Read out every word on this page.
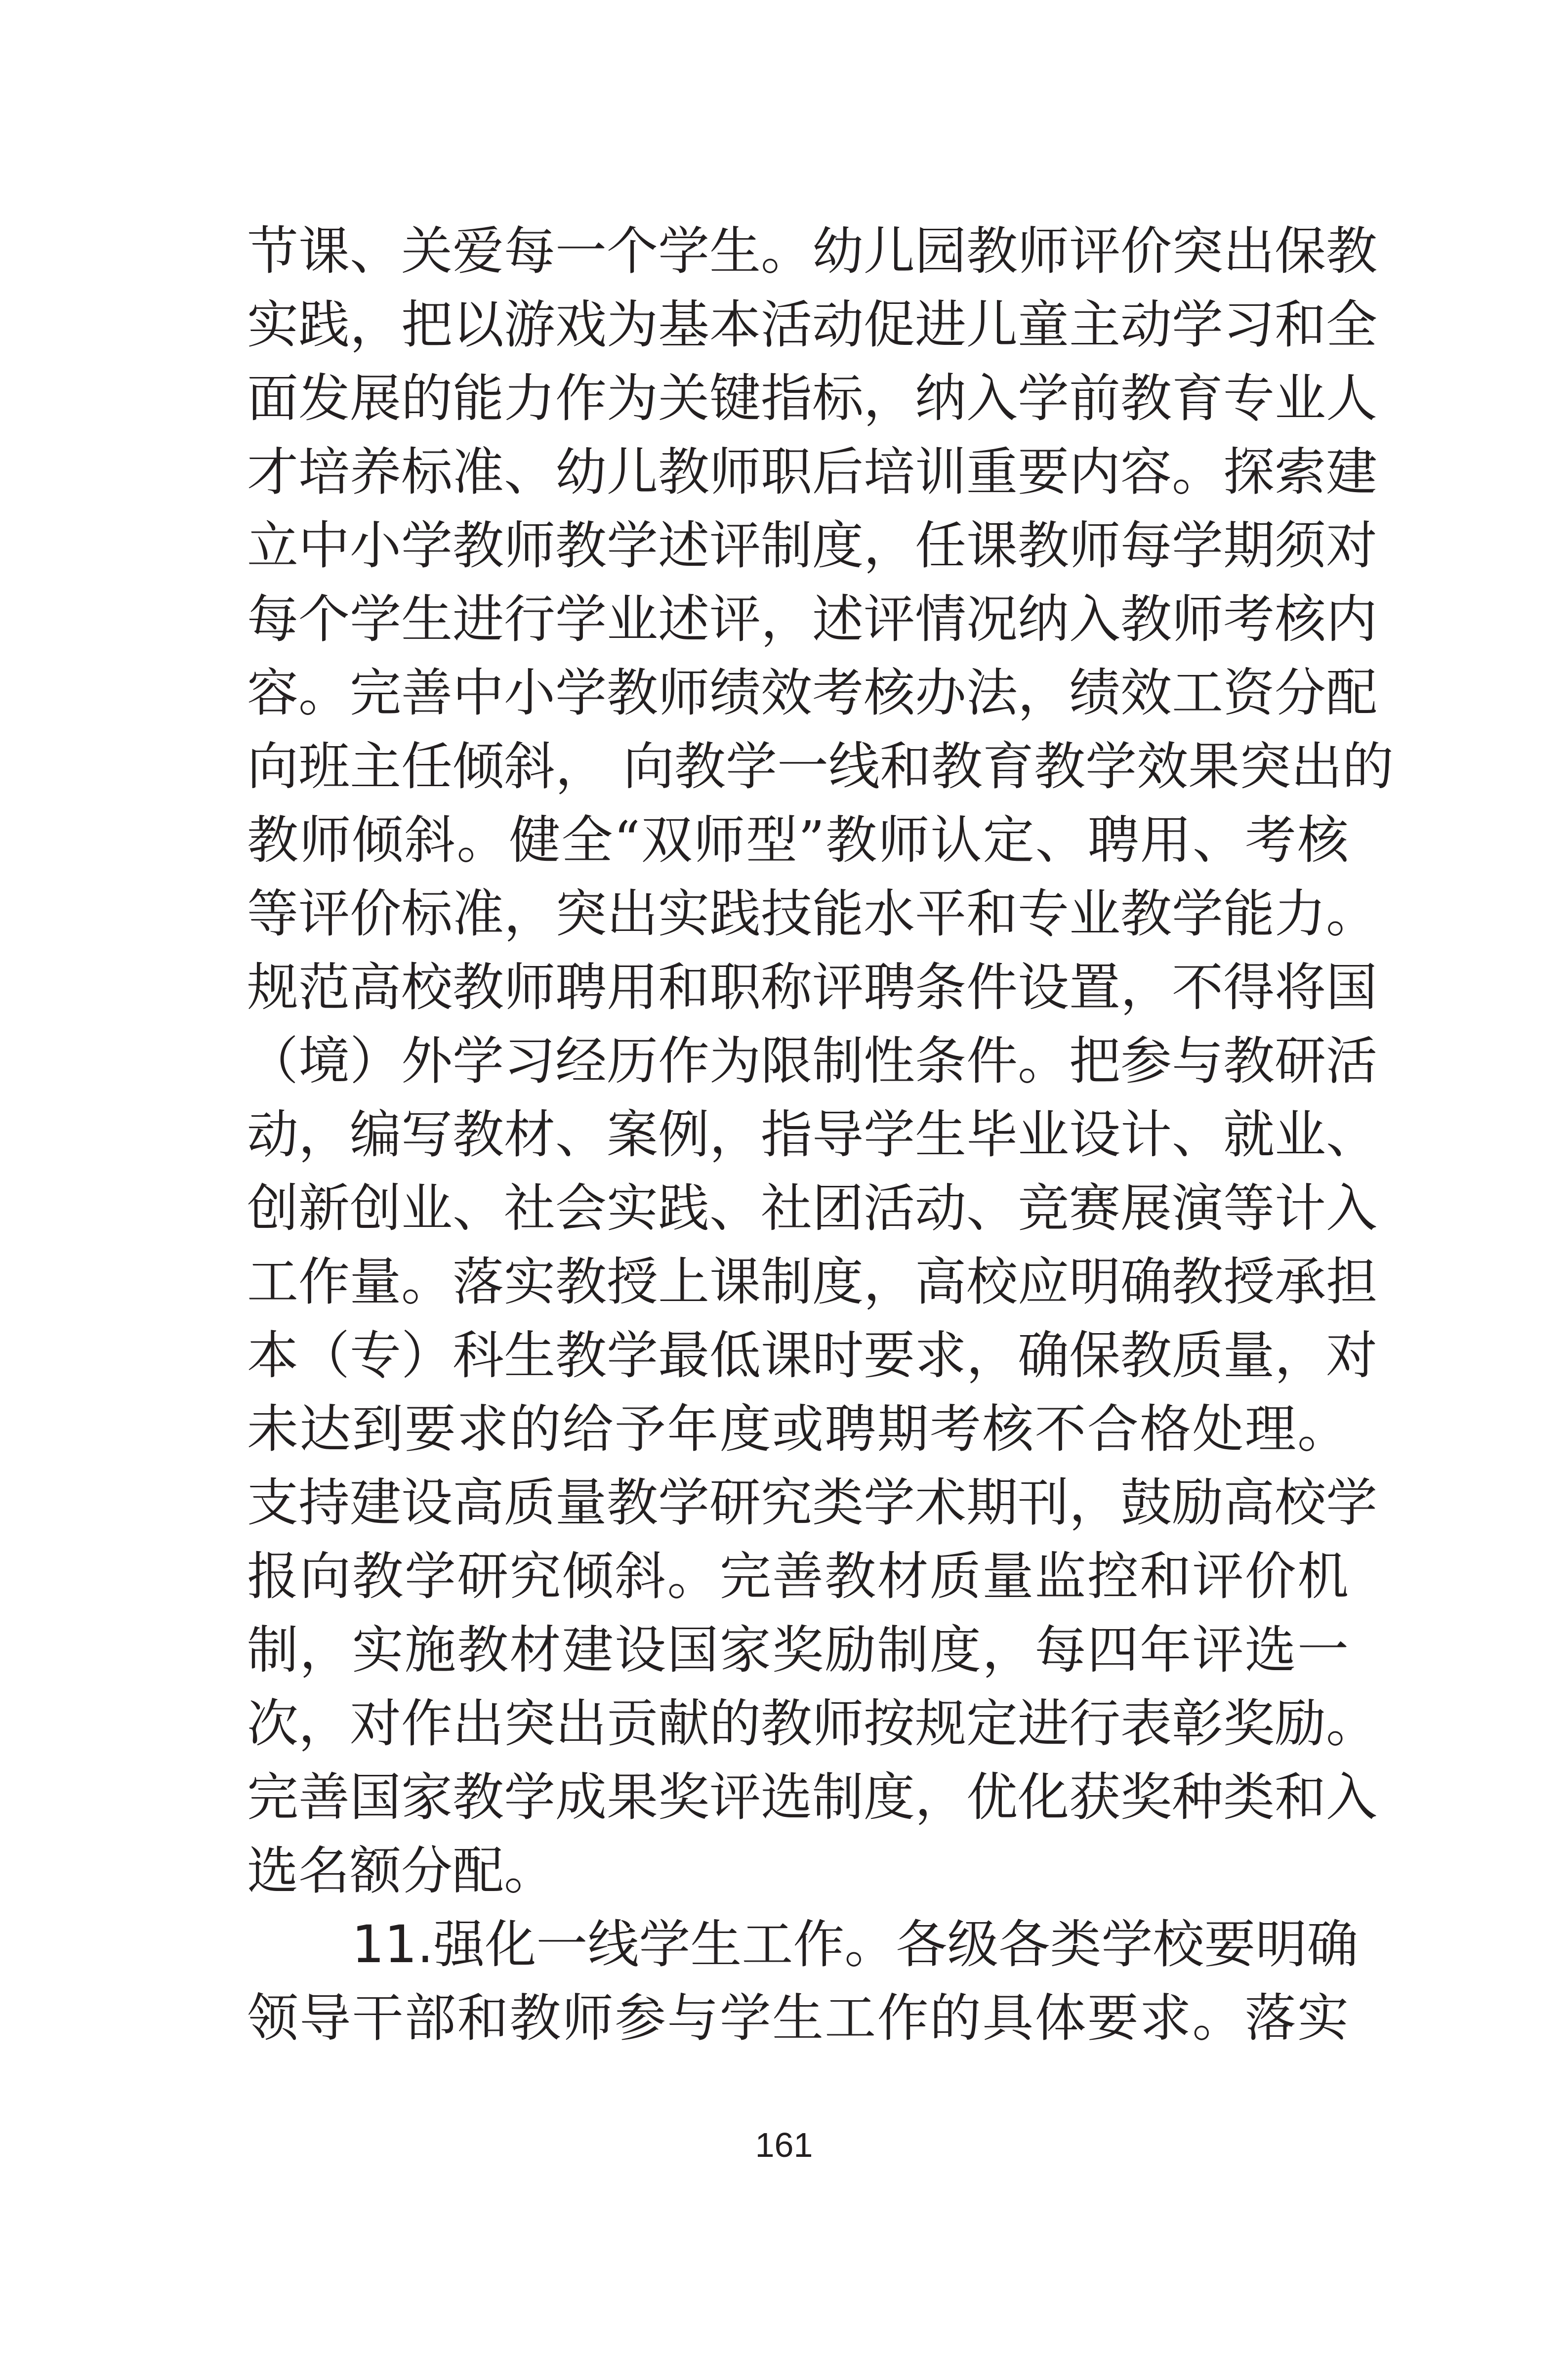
节课、关爱每一个学生。幼儿园教师评价突出保教
实践，把以游戏为基本活动促进儿童主动学习和全
面发展的能力作为关键指标，纳入学前教育专业人
才培养标准、幼儿教师职后培训重要内容。探索建
立中小学教师教学述评制度，任课教师每学期须对
每个学生进行学业述评，述评情况纳入教师考核内
容。完善中小学教师绩效考核办法，绩效工资分配
向班主任倾斜， 向教学一线和教育教学效果突出的
教师倾斜。健全“双师型”教师认定、聘用、考核
等评价标准，突出实践技能水平和专业教学能力。
规范高校教师聘用和职称评聘条件设置，不得将国
（境）外学习经历作为限制性条件。把参与教研活
动，编写教材、案例，指导学生毕业设计、就业、
创新创业、社会实践、社团活动、竞赛展演等计入
工作量。落实教授上课制度，高校应明确教授承担
本（专）科生教学最低课时要求，确保教质量，对
未达到要求的给予年度或聘期考核不合格处理。
支持建设高质量教学研究类学术期刊，鼓励高校学
报向教学研究倾斜。完善教材质量监控和评价机
制，实施教材建设国家奖励制度，每四年评选一
次，对作出突出贡献的教师按规定进行表彰奖励。
完善国家教学成果奖评选制度，优化获奖种类和入
选名额分配。
11.强化一线学生工作。各级各类学校要明确
领导干部和教师参与学生工作的具体要求。落实
161
